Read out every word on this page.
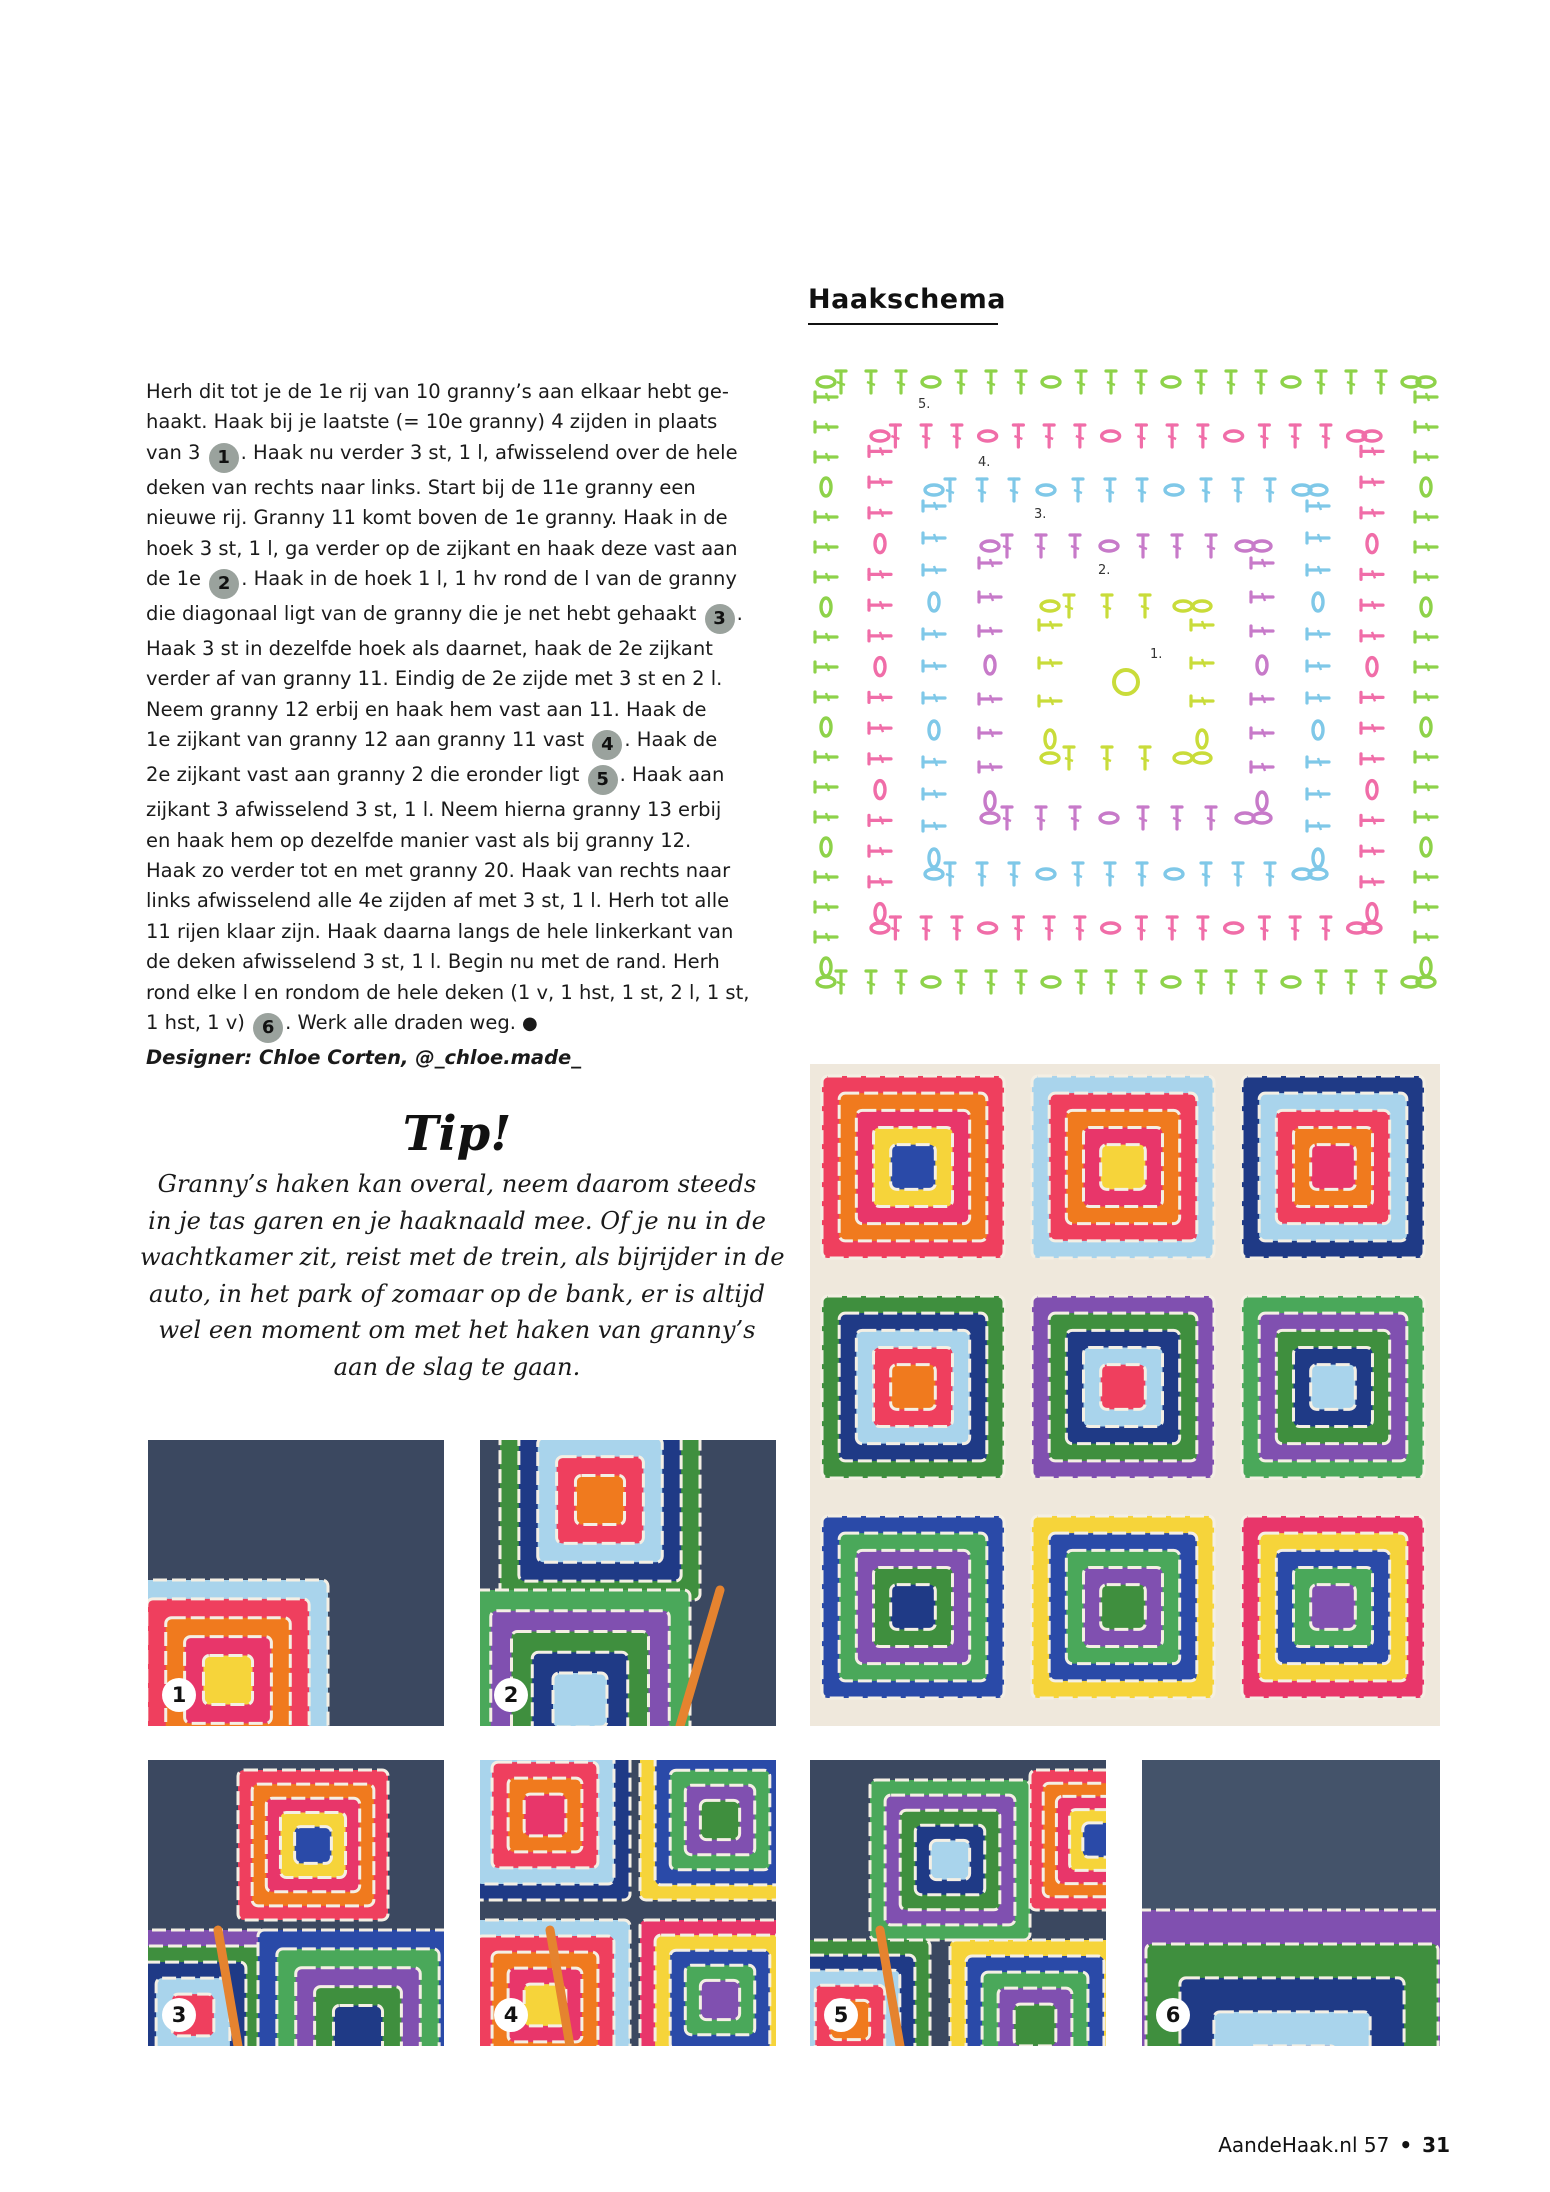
Haakschema
1.
2.
3.
4.
5.
Herh dit tot je de 1e rij van 10 granny’s aan elkaar hebt ge-
haakt. Haak bij je laatste (= 10e granny) 4 zijden in plaats
van 3 1 . Haak nu verder 3 st, 1 l, afwisselend over de hele
deken van rechts naar links. Start bij de 11e granny een
nieuwe rij. Granny 11 komt boven de 1e granny. Haak in de
hoek 3 st, 1 l, ga verder op de zijkant en haak deze vast aan
de 1e 2 . Haak in de hoek 1 l, 1 hv rond de l van de granny
die diagonaal ligt van de granny die je net hebt gehaakt 3 .
Haak 3 st in dezelfde hoek als daarnet, haak de 2e zijkant
verder af van granny 11. Eindig de 2e zijde met 3 st en 2 l.
Neem granny 12 erbij en haak hem vast aan 11. Haak de
1e zijkant van granny 12 aan granny 11 vast 4 . Haak de
2e zijkant vast aan granny 2 die eronder ligt 5 . Haak aan
zijkant 3 afwisselend 3 st, 1 l. Neem hierna granny 13 erbij
en haak hem op dezelfde manier vast als bij granny 12.
Haak zo verder tot en met granny 20. Haak van rechts naar
links afwisselend alle 4e zijden af met 3 st, 1 l. Herh tot alle
11 rijen klaar zijn. Haak daarna langs de hele linkerkant van
de deken afwisselend 3 st, 1 l. Begin nu met de rand. Herh
rond elke l en rondom de hele deken (1 v, 1 hst, 1 st, 2 l, 1 st,
1 hst, 1 v) 6 . Werk alle draden weg. ●
Designer: Chloe Corten, @_chloe.made_
Tip!
Granny’s haken kan overal, neem daarom steeds
in je tas garen en je haaknaald mee. Of je nu in de
wachtkamer zit, reist met de trein, als bijrijder in de
auto, in het park of zomaar op de bank, er is altijd
wel een moment om met het haken van granny’s
aan de slag te gaan.
1	2
3	4	5	6
AandeHaak.nl 57 • 31
